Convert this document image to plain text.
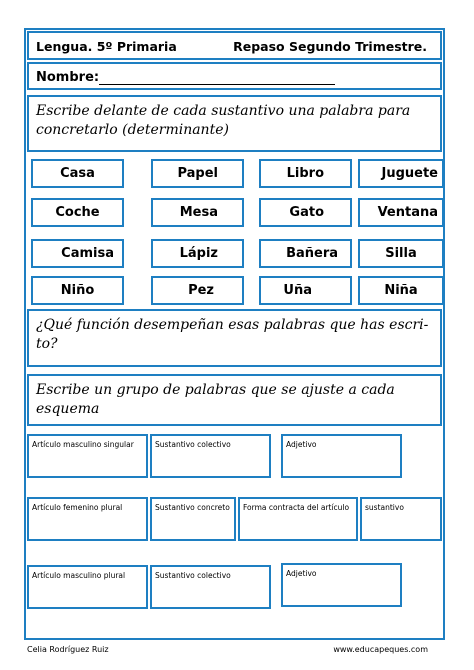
Lengua. 5º Primaria	Repaso Segundo Trimestre.
Nombre:
Escribe delante de cada sustantivo una palabra para concretarlo (determinante)
Casa	Papel	Libro	Juguete
Coche	Mesa	Gato	Ventana
Camisa	Lápiz	Bañera	Silla
Niño	Pez	Uña	Niña
¿Qué función desempeñan esas palabras que has escri- to?
Escribe un grupo de palabras que se ajuste a cada esquema
Artículo masculino singular	Sustantivo colectivo	Adjetivo
Artículo femenino plural	Sustantivo concreto	Forma contracta del artículo	sustantivo
Artículo masculino plural	Sustantivo colectivo	Adjetivo
Celia Rodríguez Ruiz	www.educapeques.com
